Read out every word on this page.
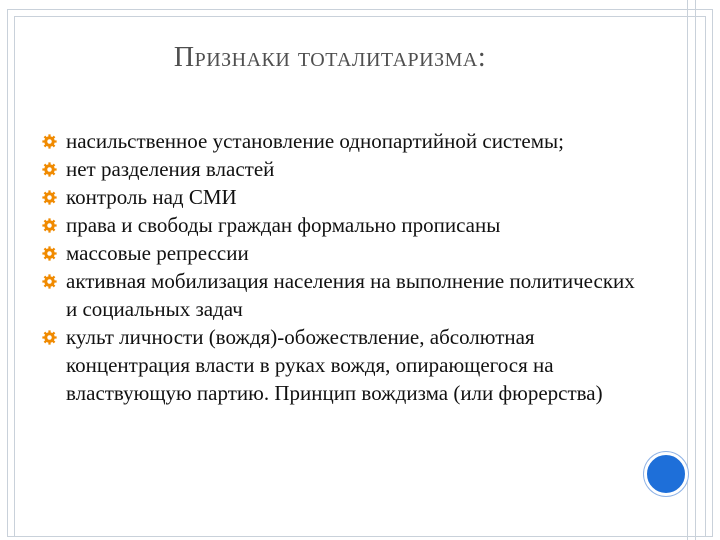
Признаки тоталитаризма:
насильственное установление однопартийной системы;
нет разделения властей
контроль над СМИ
права и свободы граждан формально прописаны
массовые репрессии
активная мобилизация населения на выполнение политических и социальных задач
культ личности (вождя)-обожествление, абсолютная концентрация власти в руках вождя, опирающегося на властвующую партию. Принцип вождизма (или фюрерства)
